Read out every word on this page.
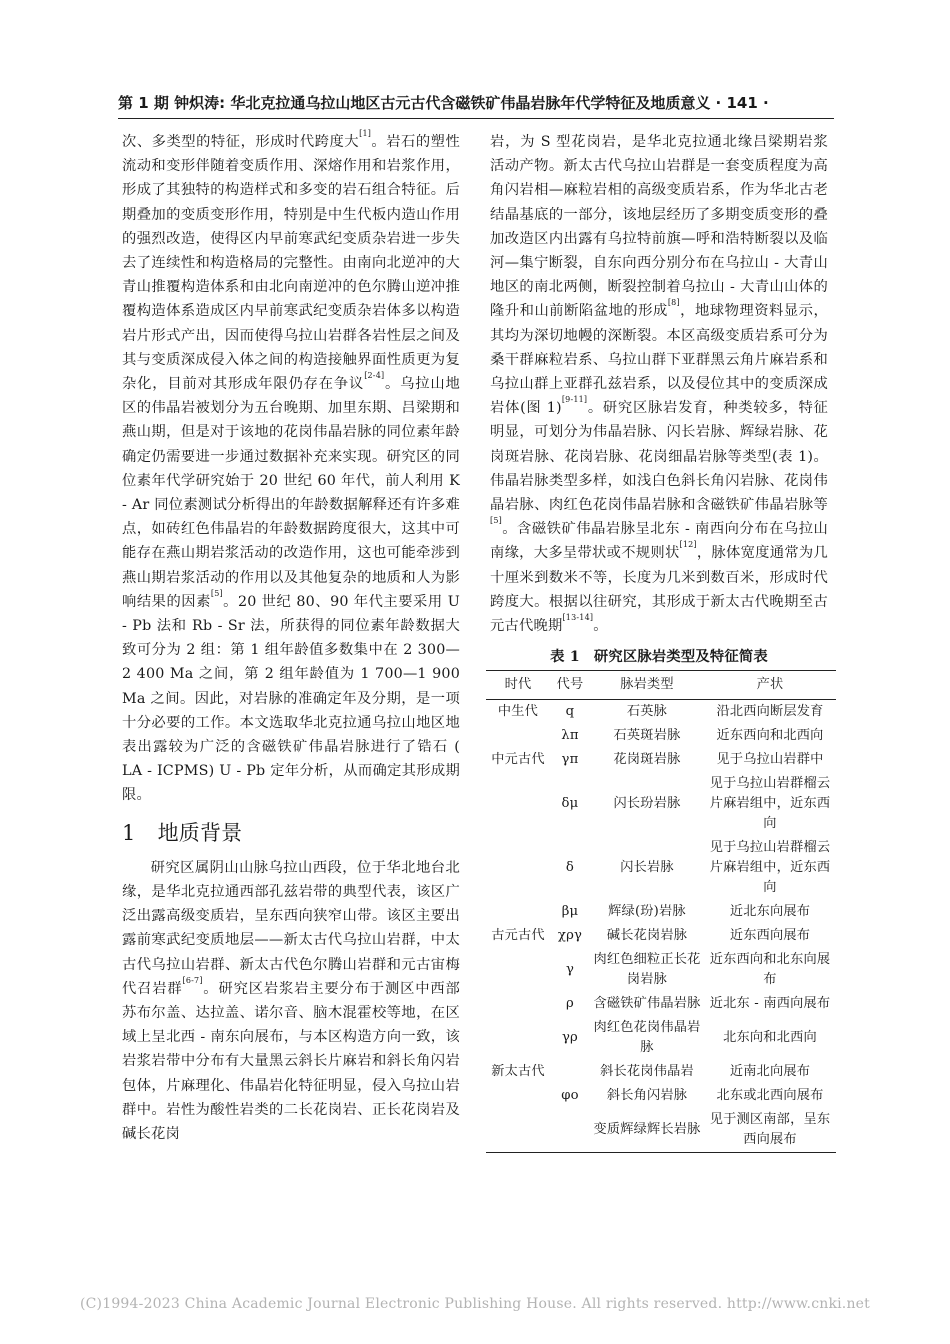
第 1 期 钟炽涛: 华北克拉通乌拉山地区古元古代含磁铁矿伟晶岩脉年代学特征及地质意义 · 141 ·

次、多类型的特征，形成时代跨度大[1]。岩石的塑性流动和变形伴随着变质作用、深熔作用和岩浆作用，形成了其独特的构造样式和多变的岩石组合特征。后期叠加的变质变形作用，特别是中生代板内造山作用的强烈改造，使得区内早前寒武纪变质杂岩进一步失去了连续性和构造格局的完整性。由南向北逆冲的大青山推覆构造体系和由北向南逆冲的色尔腾山逆冲推覆构造体系造成区内早前寒武纪变质杂岩体多以构造岩片形式产出，因而使得乌拉山岩群各岩性层之间及其与变质深成侵入体之间的构造接触界面性质更为复杂化，目前对其形成年限仍存在争议[2-4]。乌拉山地区的伟晶岩被划分为五台晚期、加里东期、吕梁期和燕山期，但是对于该地的花岗伟晶岩脉的同位素年龄确定仍需要进一步通过数据补充来实现。研究区的同位素年代学研究始于 20 世纪 60 年代，前人利用 K - Ar 同位素测试分析得出的年龄数据解释还有许多难点，如砖红色伟晶岩的年龄数据跨度很大，这其中可能存在燕山期岩浆活动的改造作用，这也可能牵涉到燕山期岩浆活动的作用以及其他复杂的地质和人为影响结果的因素[5]。20 世纪 80、90 年代主要采用 U - Pb 法和 Rb - Sr 法，所获得的同位素年龄数据大致可分为 2 组：第 1 组年龄值多数集中在 2 300—2 400 Ma 之间，第 2 组年龄值为 1 700—1 900 Ma 之间。因此，对岩脉的准确定年及分期，是一项十分必要的工作。本文选取华北克拉通乌拉山地区地表出露较为广泛的含磁铁矿伟晶岩脉进行了锆石 ( LA - ICPMS) U - Pb 定年分析，从而确定其形成期限。

1 地质背景

研究区属阴山山脉乌拉山西段，位于华北地台北缘，是华北克拉通西部孔兹岩带的典型代表，该区广泛出露高级变质岩，呈东西向狭窄山带。该区主要出露前寒武纪变质地层——新太古代乌拉山岩群，中太古代乌拉山岩群、新太古代色尔腾山岩群和元古宙梅代召岩群[6-7]。研究区岩浆岩主要分布于测区中西部苏布尔盖、达拉盖、诺尔音、脑木混霍校等地，在区域上呈北西 - 南东向展布，与本区构造方向一致，该岩浆岩带中分布有大量黑云斜长片麻岩和斜长角闪岩包体，片麻理化、伟晶岩化特征明显，侵入乌拉山岩群中。岩性为酸性岩类的二长花岗岩、正长花岗岩及碱长花岗

岩，为 S 型花岗岩，是华北克拉通北缘吕梁期岩浆活动产物。新太古代乌拉山岩群是一套变质程度为高角闪岩相—麻粒岩相的高级变质岩系，作为华北古老结晶基底的一部分，该地层经历了多期变质变形的叠加改造区内出露有乌拉特前旗—呼和浩特断裂以及临河—集宁断裂，自东向西分别分布在乌拉山 - 大青山地区的南北两侧，断裂控制着乌拉山 - 大青山山体的隆升和山前断陷盆地的形成[8]，地球物理资料显示，其均为深切地幔的深断裂。本区高级变质岩系可分为桑干群麻粒岩系、乌拉山群下亚群黑云角片麻岩系和乌拉山群上亚群孔兹岩系，以及侵位其中的变质深成岩体(图 1)[9-11]。研究区脉岩发育，种类较多，特征明显，可划分为伟晶岩脉、闪长岩脉、辉绿岩脉、花岗斑岩脉、花岗岩脉、花岗细晶岩脉等类型(表 1)。伟晶岩脉类型多样，如浅白色斜长角闪岩脉、花岗伟晶岩脉、肉红色花岗伟晶岩脉和含磁铁矿伟晶岩脉等[5]。含磁铁矿伟晶岩脉呈北东 - 南西向分布在乌拉山南缘，大多呈带状或不规则状[12]，脉体宽度通常为几十厘米到数米不等，长度为几米到数百米，形成时代跨度大。根据以往研究，其形成于新太古代晚期至古元古代晚期[13-14]。

表 1 研究区脉岩类型及特征简表
时代	代号	脉岩类型	产状
中生代	q	石英脉	沿北西向断层发育
	λπ	石英斑岩脉	近东西向和北西向
中元古代	γπ	花岗斑岩脉	见于乌拉山岩群中
	δμ	闪长玢岩脉	见于乌拉山岩群榴云片麻岩组中，近东西向
	δ	闪长岩脉	见于乌拉山岩群榴云片麻岩组中，近东西向
	βμ	辉绿(玢)岩脉	近北东向展布
古元古代	χργ	碱长花岗岩脉	近东西向展布
	γ	肉红色细粒正长花岗岩脉	近东西向和北东向展布
	ρ	含磁铁矿伟晶岩脉	近北东 - 南西向展布
	γρ	肉红色花岗伟晶岩脉	北东向和北西向
新太古代		斜长花岗伟晶岩	近南北向展布
	φο	斜长角闪岩脉	北东或北西向展布
		变质辉绿辉长岩脉	见于测区南部，呈东西向展布
(C)1994-2023 China Academic Journal Electronic Publishing House. All rights reserved. http://www.cnki.net
